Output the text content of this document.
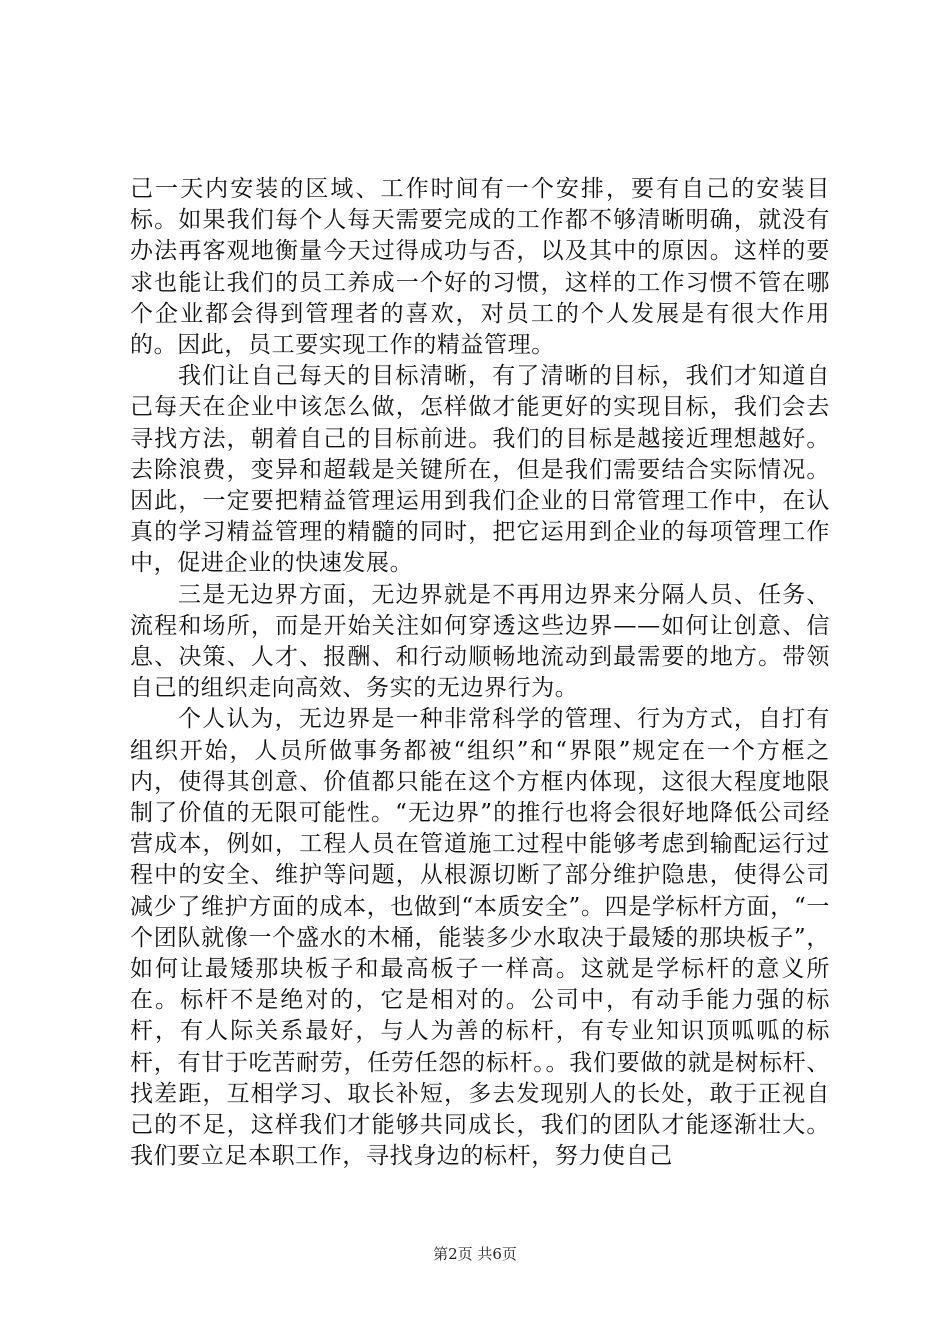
己一天内安装的区域、工作时间有一个安排，要有自己的安装目标。如果我们每个人每天需要完成的工作都不够清晰明确，就没有办法再客观地衡量今天过得成功与否，以及其中的原因。这样的要求也能让我们的员工养成一个好的习惯，这样的工作习惯不管在哪个企业都会得到管理者的喜欢，对员工的个人发展是有很大作用的。因此，员工要实现工作的精益管理。

我们让自己每天的目标清晰，有了清晰的目标，我们才知道自己每天在企业中该怎么做，怎样做才能更好的实现目标，我们会去寻找方法，朝着自己的目标前进。我们的目标是越接近理想越好。去除浪费，变异和超载是关键所在，但是我们需要结合实际情况。因此，一定要把精益管理运用到我们企业的日常管理工作中，在认真的学习精益管理的精髓的同时，把它运用到企业的每项管理工作中，促进企业的快速发展。

三是无边界方面，无边界就是不再用边界来分隔人员、任务、流程和场所，而是开始关注如何穿透这些边界——如何让创意、信息、决策、人才、报酬、和行动顺畅地流动到最需要的地方。带领自己的组织走向高效、务实的无边界行为。

个人认为，无边界是一种非常科学的管理、行为方式，自打有组织开始，人员所做事务都被“组织”和“界限”规定在一个方框之内，使得其创意、价值都只能在这个方框内体现，这很大程度地限制了价值的无限可能性。“无边界”的推行也将会很好地降低公司经营成本，例如，工程人员在管道施工过程中能够考虑到输配运行过程中的安全、维护等问题，从根源切断了部分维护隐患，使得公司减少了维护方面的成本，也做到“本质安全”。四是学标杆方面，“一个团队就像一个盛水的木桶，能装多少水取决于最矮的那块板子”，如何让最矮那块板子和最高板子一样高。这就是学标杆的意义所在。标杆不是绝对的，它是相对的。公司中，有动手能力强的标杆，有人际关系最好，与人为善的标杆，有专业知识顶呱呱的标杆，有甘于吃苦耐劳，任劳任怨的标杆。。我们要做的就是树标杆、找差距，互相学习、取长补短，多去发现别人的长处，敢于正视自己的不足，这样我们才能够共同成长，我们的团队才能逐渐壮大。我们要立足本职工作，寻找身边的标杆，努力使自己

第2页 共6页
